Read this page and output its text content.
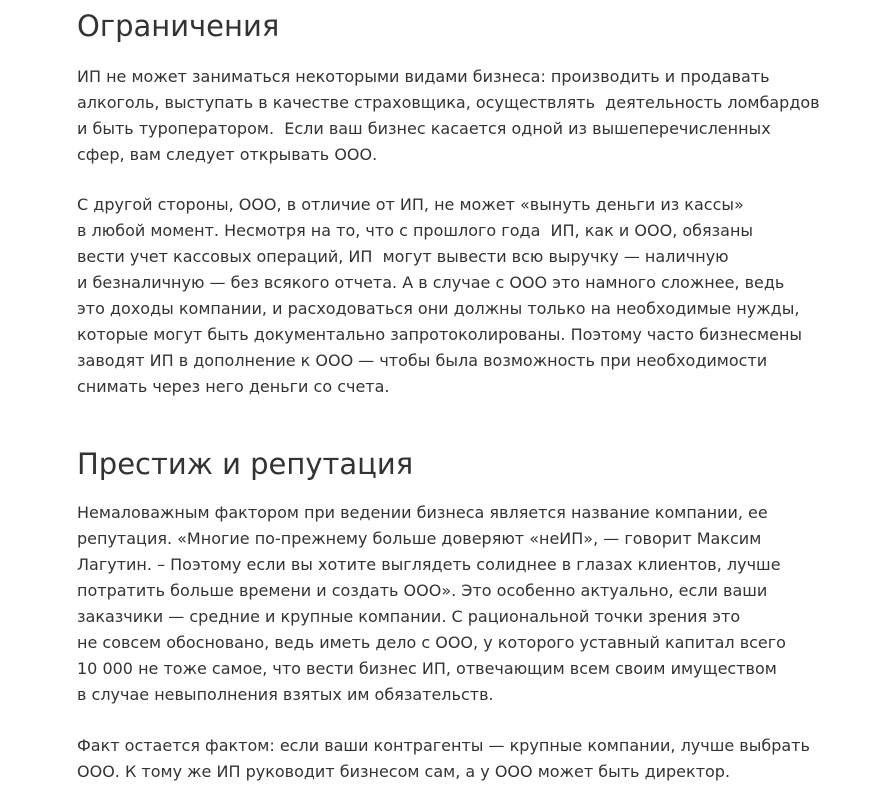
Ограничения

ИП не может заниматься некоторыми видами бизнеса: производить и продавать
алкоголь, выступать в качестве страховщика, осуществлять  деятельность ломбардов
и быть туроператором.  Если ваш бизнес касается одной из вышеперечисленных
сфер, вам следует открывать ООО.

С другой стороны, ООО, в отличие от ИП, не может «вынуть деньги из кассы»
в любой момент. Несмотря на то, что с прошлого года  ИП, как и ООО, обязаны
вести учет кассовых операций, ИП  могут вывести всю выручку — наличную
и безналичную — без всякого отчета. А в случае с ООО это намного сложнее, ведь
это доходы компании, и расходоваться они должны только на необходимые нужды,
которые могут быть документально запротоколированы. Поэтому часто бизнесмены
заводят ИП в дополнение к ООО — чтобы была возможность при необходимости
снимать через него деньги со счета.

Престиж и репутация

Немаловажным фактором при ведении бизнеса является название компании, ее
репутация. «Многие по-прежнему больше доверяют «неИП», — говорит Максим
Лагутин. – Поэтому если вы хотите выглядеть солиднее в глазах клиентов, лучше
потратить больше времени и создать ООО». Это особенно актуально, если ваши
заказчики — средние и крупные компании. С рациональной точки зрения это
не совсем обосновано, ведь иметь дело с ООО, у которого уставный капитал всего
10 000 не тоже самое, что вести бизнес ИП, отвечающим всем своим имуществом
в случае невыполнения взятых им обязательств.

Факт остается фактом: если ваши контрагенты — крупные компании, лучше выбрать
ООО. К тому же ИП руководит бизнесом сам, а у ООО может быть директор.
